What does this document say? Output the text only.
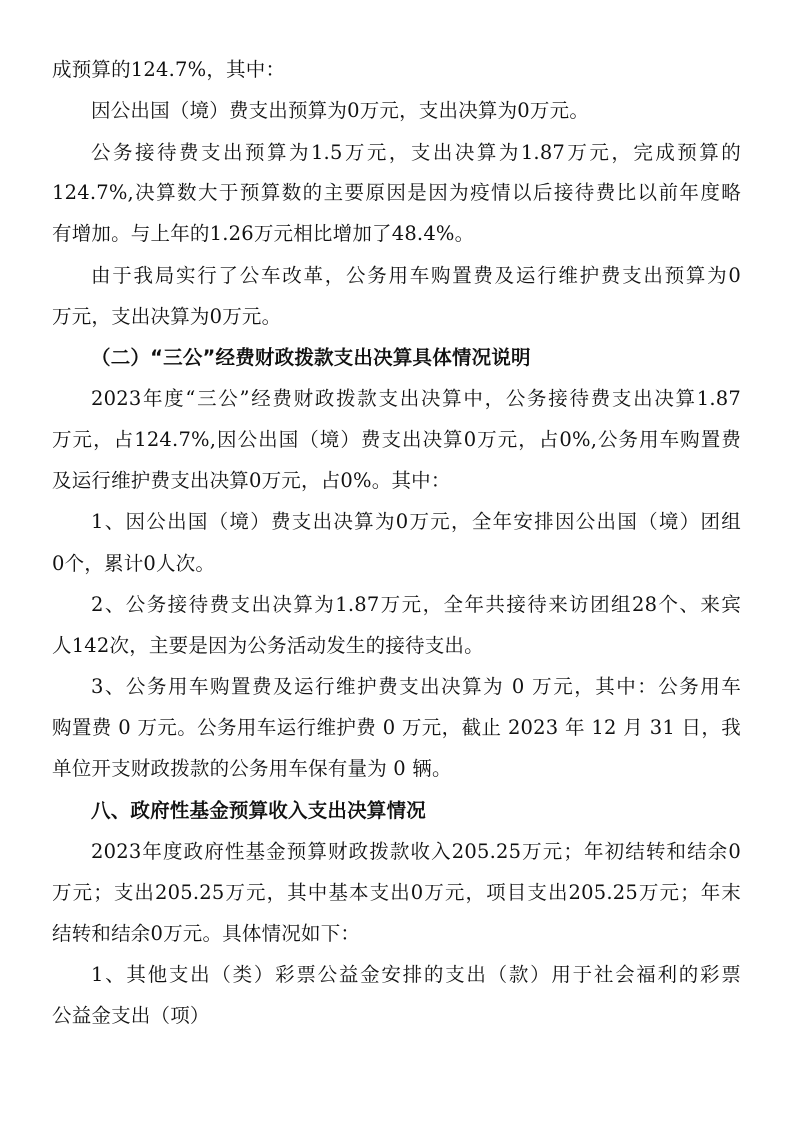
成预算的124.7%，其中：
因公出国（境）费支出预算为0万元，支出决算为0万元。
公务接待费支出预算为1.5万元，支出决算为1.87万元，完成预算的
124.7%,决算数大于预算数的主要原因是因为疫情以后接待费比以前年度略
有增加。与上年的1.26万元相比增加了48.4%。
由于我局实行了公车改革，公务用车购置费及运行维护费支出预算为0
万元，支出决算为0万元。
（二）“三公”经费财政拨款支出决算具体情况说明
2023年度“三公”经费财政拨款支出决算中，公务接待费支出决算1.87
万元，占124.7%,因公出国（境）费支出决算0万元，占0%,公务用车购置费
及运行维护费支出决算0万元，占0%。其中：
1、因公出国（境）费支出决算为0万元，全年安排因公出国（境）团组
0个，累计0人次。
2、公务接待费支出决算为1.87万元，全年共接待来访团组28个、来宾
人142次，主要是因为公务活动发生的接待支出。
3、公务用车购置费及运行维护费支出决算为 0 万元，其中：公务用车
购置费 0 万元。公务用车运行维护费 0 万元，截止 2023 年 12 月 31 日，我
单位开支财政拨款的公务用车保有量为 0 辆。
八、政府性基金预算收入支出决算情况
2023年度政府性基金预算财政拨款收入205.25万元；年初结转和结余0
万元；支出205.25万元，其中基本支出0万元，项目支出205.25万元；年末
结转和结余0万元。具体情况如下：
1、其他支出（类）彩票公益金安排的支出（款）用于社会福利的彩票
公益金支出（项）
